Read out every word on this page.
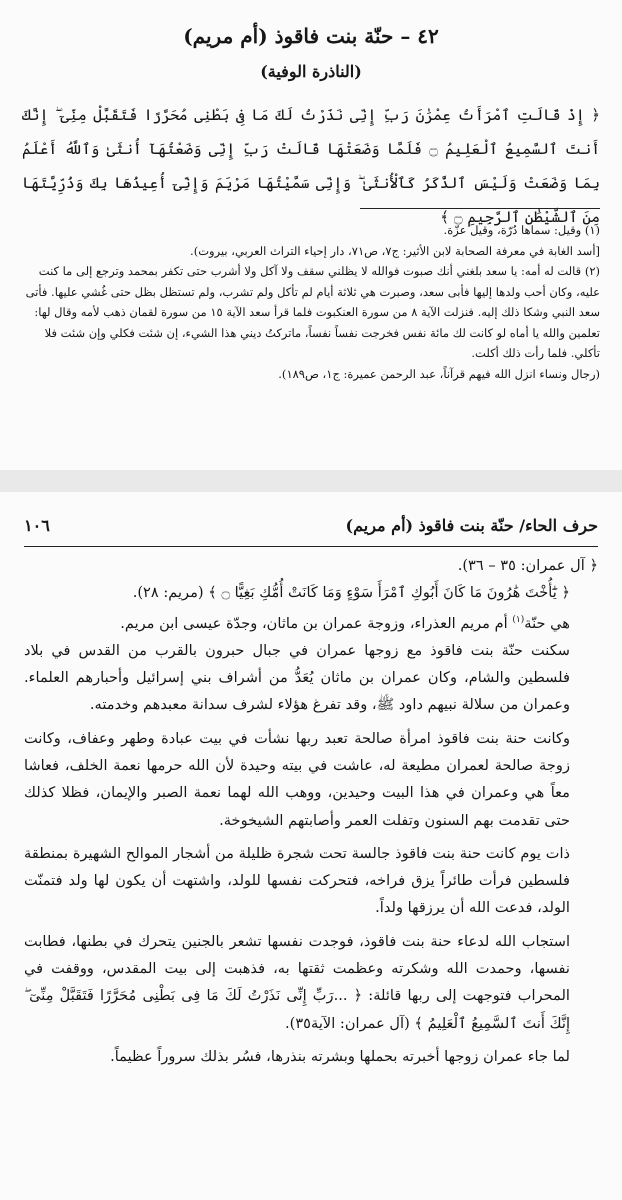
٤٢ – حنّة بنت فاقوذ (أم مريم)
(الناذرة الوفية)

﴿ إِذْ قَالَتِ ٱمْرَأَتُ عِمْرَٰنَ رَبِّ إِنِّى نَذَرْتُ لَكَ مَا فِى بَطْنِى مُحَرَّرًا فَتَقَبَّلْ مِنِّىٓ ۖ إِنَّكَ أَنتَ ٱلسَّمِيعُ ٱلْعَلِيمُ ۝ فَلَمَّا وَضَعَتْهَا قَالَتْ رَبِّ إِنِّى وَضَعْتُهَآ أُنثَىٰ وَٱللَّهُ أَعْلَمُ بِمَا وَضَعَتْ وَلَيْسَ ٱلذَّكَرُ كَٱلْأُنثَىٰ ۖ وَإِنِّى سَمَّيْتُهَا مَرْيَمَ وَإِنِّىٓ أُعِيذُهَا بِكَ وَذُرِّيَّتَهَا مِنَ ٱلشَّيْطَٰنِ ٱلرَّجِيمِ ۝ ﴾

(١) وقيل: سماها دُرّة، وقيل عزّة.

[أسد الغابة في معرفة الصحابة لابن الأثير: ج٧، ص٧١، دار إحياء التراث العربي، بيروت).

(٢) قالت له أمه: يا سعد بلغني أنك صبوت فوالله لا يظلني سقف ولا آكل ولا أشرب حتى تكفر بمحمد وترجع إلى ما كنت عليه، وكان أحب ولدها إليها فأبى سعد، وصبرت هي ثلاثة أيام لم تأكل ولم تشرب، ولم تستظل بظل حتى غُشي عليها. فأتى سعد النبي وشكا ذلك إليه. فنزلت الآية ٨ من سورة العنكبوت فلما قرأ سعد الآية ١٥ من سورة لقمان ذهب لأمه وقال لها: تعلمين والله يا أماه لو كانت لك مائة نفس فخرجت نفساً نفساً، ماتركتُ ديني هذا الشيء، إن شئت فكلي وإن شئت فلا تأكلي. فلما رأت ذلك أكلت.

(رجال ونساء انزل الله فيهم قرآناً، عبد الرحمن عميرة: ج١، ص١٨٩).

حرف الحاء/ حنّة بنت فاقوذ (أم مريم)
١٠٦

﴿ آل عمران: ٣٥ – ٣٦).

﴿ يَٰٓأُخْتَ هَٰرُونَ مَا كَانَ أَبُوكِ ٱمْرَأَ سَوْءٍ وَمَا كَانَتْ أُمُّكِ بَغِيًّا ۝ ﴾ (مريم: ٢٨).

هي حنّة$^{(١)}$ أم مريم العذراء، وزوجة عمران بن ماثان، وجدّة عيسى ابن مريم.

سكنت حنّة بنت فاقوذ مع زوجها عمران في جبال حبرون بالقرب من القدس في بلاد فلسطين والشام، وكان عمران بن ماثان يُعَدُّ من أشراف بني إسرائيل وأحبارهم العلماء. وعمران من سلالة نبيهم داود ﷺ، وقد تفرغ هؤلاء لشرف سدانة معبدهم وخدمته.

وكانت حنة بنت فاقوذ امرأة صالحة تعبد ربها نشأت في بيت عبادة وطهر وعفاف، وكانت زوجة صالحة لعمران مطيعة له، عاشت في بيته وحيدة لأن الله حرمها نعمة الخلف، فعاشا معاً هي وعمران في هذا البيت وحيدين، ووهب الله لهما نعمة الصبر والإيمان، فظلا كذلك حتى تقدمت بهم السنون وتفلت العمر وأصابتهم الشيخوخة.

ذات يوم كانت حنة بنت فاقوذ جالسة تحت شجرة ظليلة من أشجار الموالح الشهيرة بمنطقة فلسطين فرأت طائراً يزق فراخه، فتحركت نفسها للولد، واشتهت أن يكون لها ولد فتمنّت الولد، فدعت الله أن يرزقها ولداً.

استجاب الله لدعاء حنة بنت فاقوذ، فوجدت نفسها تشعر بالجنين يتحرك في بطنها، فطابت نفسها، وحمدت الله وشكرته وعظمت ثقتها به، فذهبت إلى بيت المقدس، ووقفت في المحراب فتوجهت إلى ربها قائلة: ﴿ ...رَبِّ إِنِّى نَذَرْتُ لَكَ مَا فِى بَطْنِى مُحَرَّرًا فَتَقَبَّلْ مِنِّىٓ ۖ إِنَّكَ أَنتَ ٱلسَّمِيعُ ٱلْعَلِيمُ ﴾ (آل عمران: الآية٣٥).

لما جاء عمران زوجها أخبرته بحملها وبشرته بنذرها، فسُر بذلك سروراً عظيماً.
